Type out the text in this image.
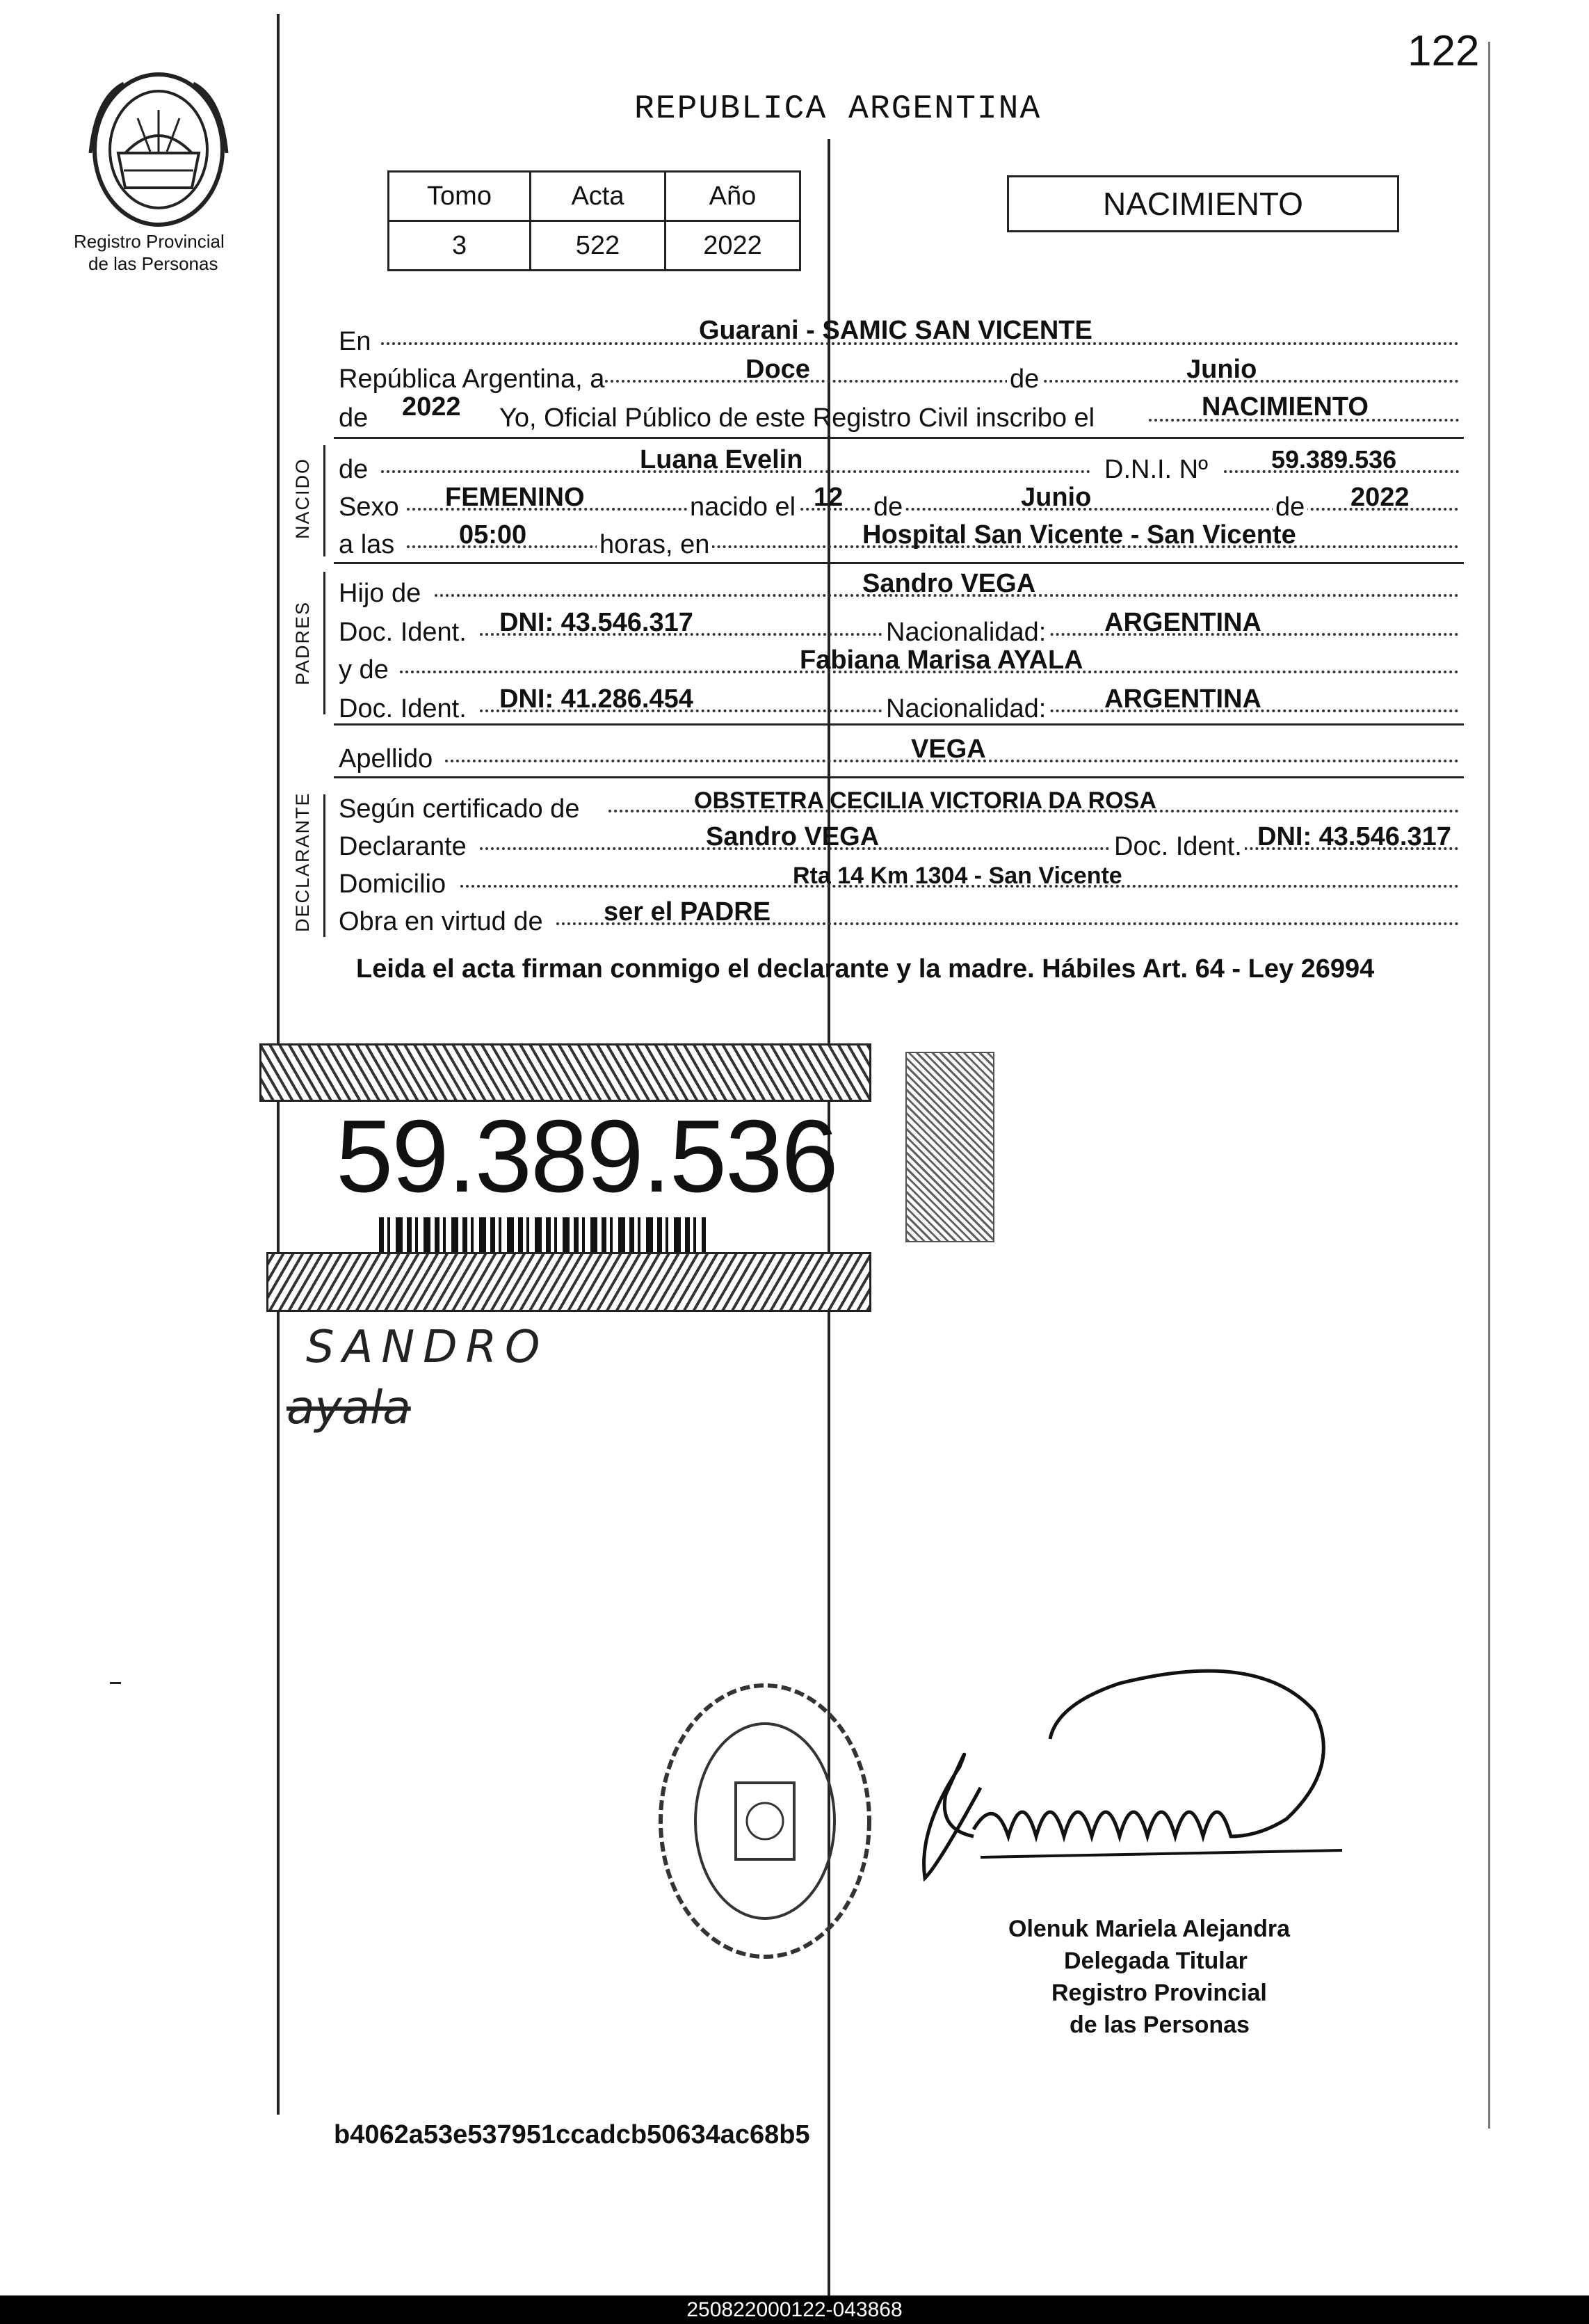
122
Registro Provincial
de las Personas
REPUBLICA ARGENTINA
Tomo	Acta	Año
3	522	2022
NACIMIENTO
En	Guarani - SAMIC SAN VICENTE
República Argentina, a	Doce	de	Junio
de 2022 Yo, Oficial Público de este Registro Civil inscribo el	NACIMIENTO
NACIDO de	Luana Evelin	D.N.I. Nº	59.389.536
Sexo FEMENINO	nacido el 12 de	Junio	de 2022
a las 05:00	horas, en	Hospital San Vicente - San Vicente
PADRES
Hijo de	Sandro VEGA
Doc. Ident. DNI: 43.546.317	Nacionalidad: ARGENTINA
y de	Fabiana Marisa AYALA
Doc. Ident. DNI: 41.286.454	Nacionalidad: ARGENTINA
Apellido	VEGA
DECLARANTE Según certificado de	OBSTETRA CECILIA VICTORIA DA ROSA
Declarante	Sandro VEGA	Doc. Ident. DNI: 43.546.317
Domicilio	Rta 14 Km 1304 - San Vicente
Obra en virtud de ser el PADRE
Leida el acta firman conmigo el declarante y la madre. Hábiles Art. 64 - Ley 26994
59.389.536
SANDRO
ayala
Olenuk Mariela Alejandra
Delegada Titular
Registro Provincial
de las Personas
b4062a53e537951ccadcb50634ac68b5
250822000122-043868
